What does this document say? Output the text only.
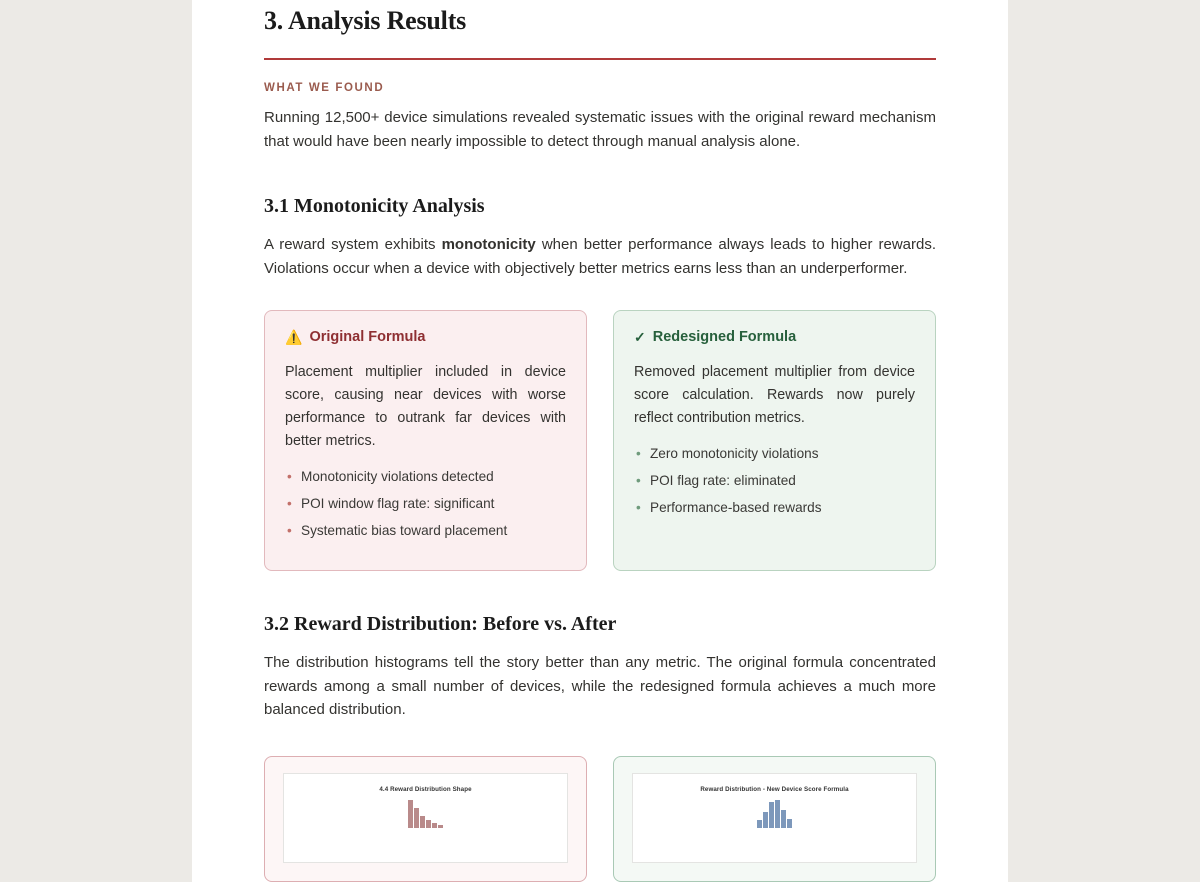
3. Analysis Results
WHAT WE FOUND

Running 12,500+ device simulations revealed systematic issues with the original reward mechanism that would have been nearly impossible to detect through manual analysis alone.

3.1 Monotonicity Analysis

A reward system exhibits monotonicity when better performance always leads to higher rewards. Violations occur when a device with objectively better metrics earns less than an underperformer.

⚠️ Original Formula

Placement multiplier included in device score, causing near devices with worse performance to outrank far devices with better metrics.

• Monotonicity violations detected
• POI window flag rate: significant
• Systematic bias toward placement
✓ Redesigned Formula

Removed placement multiplier from device score calculation. Rewards now purely reflect contribution metrics.

• Zero monotonicity violations
• POI flag rate: eliminated
• Performance-based rewards
3.2 Reward Distribution: Before vs. After

The distribution histograms tell the story better than any metric. The original formula concentrated rewards among a small number of devices, while the redesigned formula achieves a much more balanced distribution.

4.4 Reward Distribution Shape	Reward Distribution - New Device Score Formula
